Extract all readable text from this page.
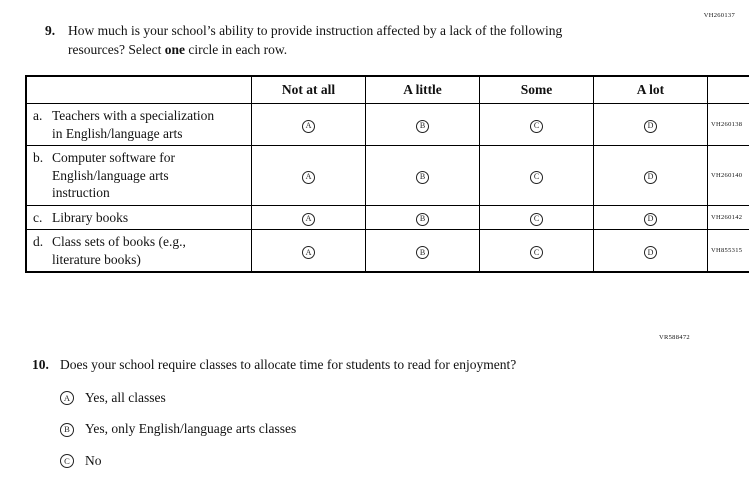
VH260137
9. How much is your school’s ability to provide instruction affected by a lack of the following resources? Select one circle in each row.
	Not at all	A little	Some	A lot	

a. Teachers with a specialization in English/language arts	A	B	C	D	VH260138

b. Computer software for English/language arts instruction	A	B	C	D	VH260140

c. Library books	A	B	C	D	VH260142

d. Class sets of books (e.g., literature books)	A	B	C	D	VH855315
VR588472
10. Does your school require classes to allocate time for students to read for enjoyment?
A Yes, all classes
B	Yes, only English/language arts classes
C	No
